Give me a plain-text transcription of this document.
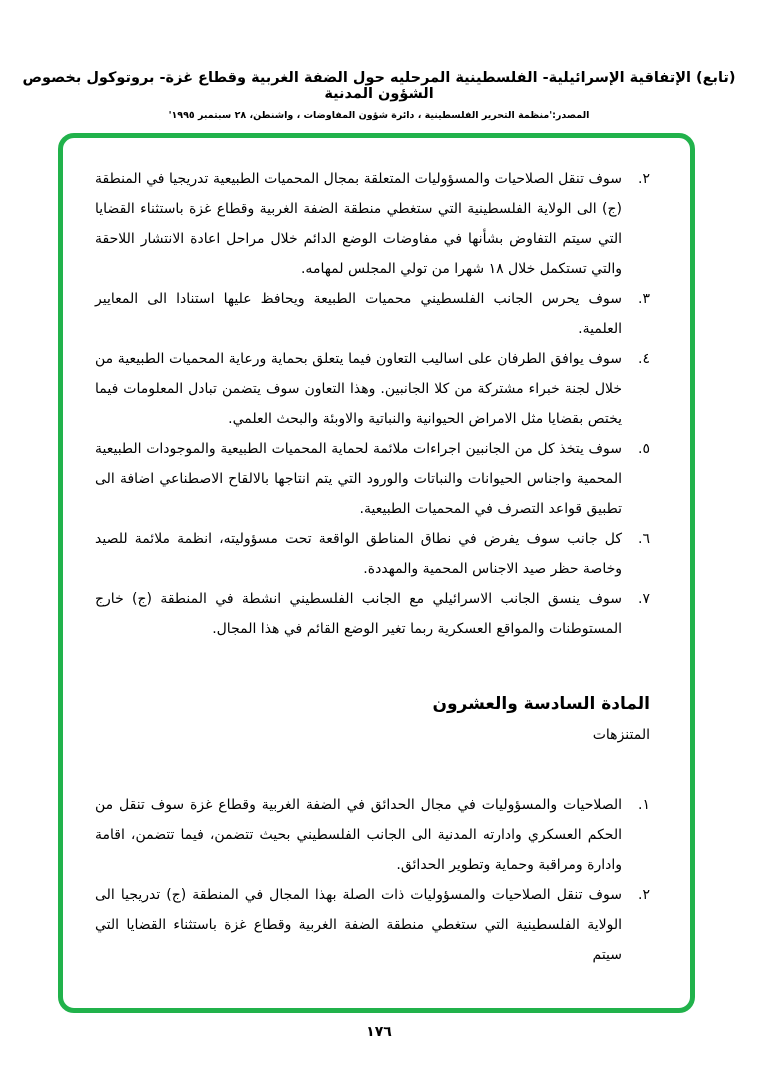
(تابع) الإتفاقية الإسرائيلية- الفلسطينية المرحليه حول الضفة الغربية وقطاع غزة- بروتوكول بخصوص الشؤون المدنية
المصدر:'منظمة التحرير الفلسطينية ، دائرة شؤون المفاوضات ، واشنطن، ٢٨ سبتمبر ١٩٩٥'
٢.
سوف تنقل الصلاحيات والمسؤوليات المتعلقة بمجال المحميات الطبيعية تدريجيا في المنطقة (ج) الى الولاية الفلسطينية التي ستغطي منطقة الضفة الغربية وقطاع غزة باستثناء القضايا التي سيتم التفاوض بشأنها في مفاوضات الوضع الدائم خلال مراحل اعادة الانتشار اللاحقة والتي تستكمل خلال ١٨ شهرا من تولي المجلس لمهامه.
٣.
سوف يحرس الجانب الفلسطيني محميات الطبيعة ويحافظ عليها استنادا الى المعايير العلمية.
٤.
سوف يوافق الطرفان على اساليب التعاون فيما يتعلق بحماية ورعاية المحميات الطبيعية من خلال لجنة خبراء مشتركة من كلا الجانبين. وهذا التعاون سوف يتضمن تبادل المعلومات فيما يختص بقضايا مثل الامراض الحيوانية والنباتية والاوبئة والبحث العلمي.
٥.
سوف يتخذ كل من الجانبين اجراءات ملائمة لحماية المحميات الطبيعية والموجودات الطبيعية المحمية واجناس الحيوانات والنباتات والورود التي يتم انتاجها بالالقاح الاصطناعي اضافة الى تطبيق قواعد التصرف في المحميات الطبيعية.
٦.
كل جانب سوف يفرض في نطاق المناطق الواقعة تحت مسؤوليته، انظمة ملائمة للصيد وخاصة حظر صيد الاجناس المحمية والمهددة.
٧.
سوف ينسق الجانب الاسرائيلي مع الجانب الفلسطيني انشطة في المنطقة (ج) خارج المستوطنات والمواقع العسكرية ربما تغير الوضع القائم في هذا المجال.
المادة السادسة والعشرون
المتنزهات
١.
الصلاحيات والمسؤوليات في مجال الحدائق في الضفة الغربية وقطاع غزة سوف تنقل من الحكم العسكري وادارته المدنية الى الجانب الفلسطيني بحيث تتضمن، فيما تتضمن، اقامة وادارة ومراقبة وحماية وتطوير الحدائق.
٢.
سوف تنقل الصلاحيات والمسؤوليات ذات الصلة بهذا المجال في المنطقة (ج) تدريجيا الى الولاية الفلسطينية التي ستغطي منطقة الضفة الغربية وقطاع غزة باستثناء القضايا التي سيتم
١٧٦
